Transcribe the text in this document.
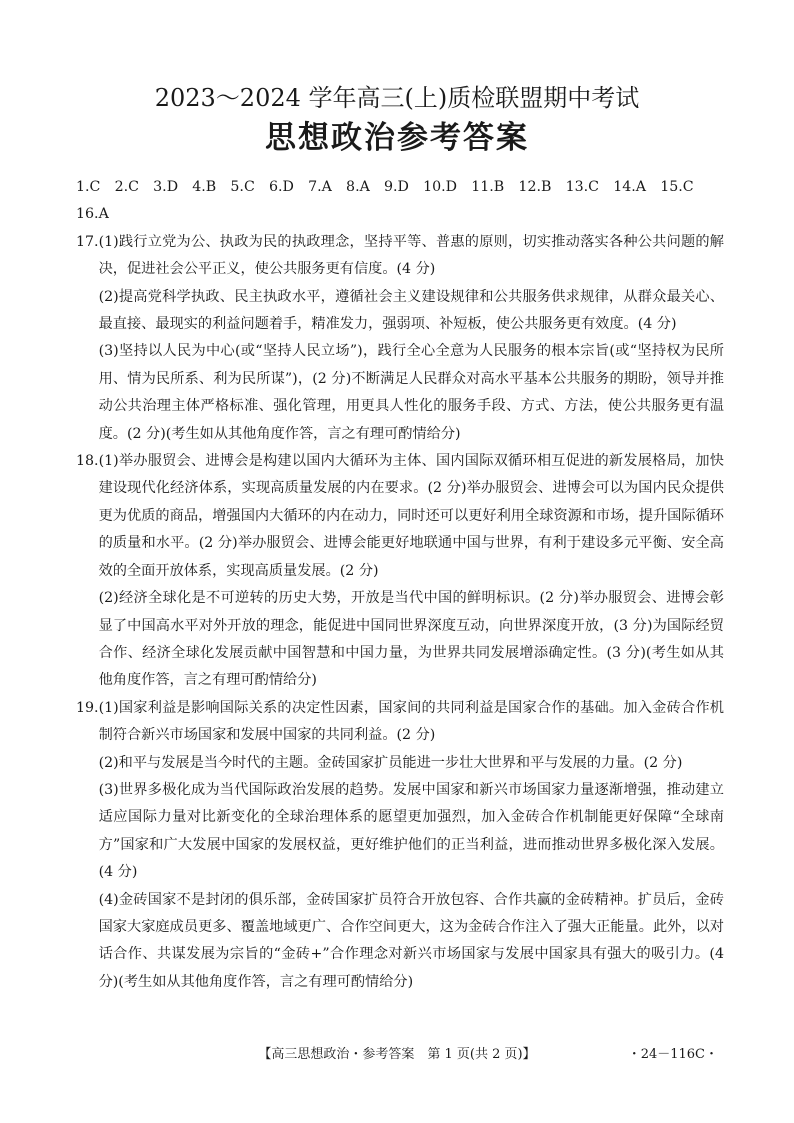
2023～2024 学年高三(上)质检联盟期中考试
思想政治参考答案

1.C　2.C　3.D　4.B　5.C　6.D　7.A　8.A　9.D　10.D　11.B　12.B　13.C　14.A　15.C　16.A

17. (1)践行立党为公、执政为民的执政理念，坚持平等、普惠的原则，切实推动落实各种公共问题的解决，促进社会公平正义，使公共服务更有信度。(4 分)

(2)提高党科学执政、民主执政水平，遵循社会主义建设规律和公共服务供求规律，从群众最关心、最直接、最现实的利益问题着手，精准发力，强弱项、补短板，使公共服务更有效度。(4 分)

(3)坚持以人民为中心(或“坚持人民立场”)，践行全心全意为人民服务的根本宗旨(或“坚持权为民所用、情为民所系、利为民所谋”)，(2 分)不断满足人民群众对高水平基本公共服务的期盼，领导并推动公共治理主体严格标准、强化管理，用更具人性化的服务手段、方式、方法，使公共服务更有温度。(2 分)(考生如从其他角度作答，言之有理可酌情给分)

18. (1)举办服贸会、进博会是构建以国内大循环为主体、国内国际双循环相互促进的新发展格局，加快建设现代化经济体系，实现高质量发展的内在要求。(2 分)举办服贸会、进博会可以为国内民众提供更为优质的商品，增强国内大循环的内在动力，同时还可以更好利用全球资源和市场，提升国际循环的质量和水平。(2 分)举办服贸会、进博会能更好地联通中国与世界，有利于建设多元平衡、安全高效的全面开放体系，实现高质量发展。(2 分)

(2)经济全球化是不可逆转的历史大势，开放是当代中国的鲜明标识。(2 分)举办服贸会、进博会彰显了中国高水平对外开放的理念，能促进中国同世界深度互动，向世界深度开放，(3 分)为国际经贸合作、经济全球化发展贡献中国智慧和中国力量，为世界共同发展增添确定性。(3 分)(考生如从其他角度作答，言之有理可酌情给分)

19. (1)国家利益是影响国际关系的决定性因素，国家间的共同利益是国家合作的基础。加入金砖合作机制符合新兴市场国家和发展中国家的共同利益。(2 分)

(2)和平与发展是当今时代的主题。金砖国家扩员能进一步壮大世界和平与发展的力量。(2 分)

(3)世界多极化成为当代国际政治发展的趋势。发展中国家和新兴市场国家力量逐渐增强，推动建立适应国际力量对比新变化的全球治理体系的愿望更加强烈，加入金砖合作机制能更好保障“全球南方”国家和广大发展中国家的发展权益，更好维护他们的正当利益，进而推动世界多极化深入发展。(4 分)

(4)金砖国家不是封闭的俱乐部，金砖国家扩员符合开放包容、合作共赢的金砖精神。扩员后，金砖国家大家庭成员更多、覆盖地域更广、合作空间更大，这为金砖合作注入了强大正能量。此外，以对话合作、共谋发展为宗旨的“金砖+”合作理念对新兴市场国家与发展中国家具有强大的吸引力。(4 分)(考生如从其他角度作答，言之有理可酌情给分)

【高三思想政治・参考答案　第 1 页(共 2 页)】	・24－116C・
